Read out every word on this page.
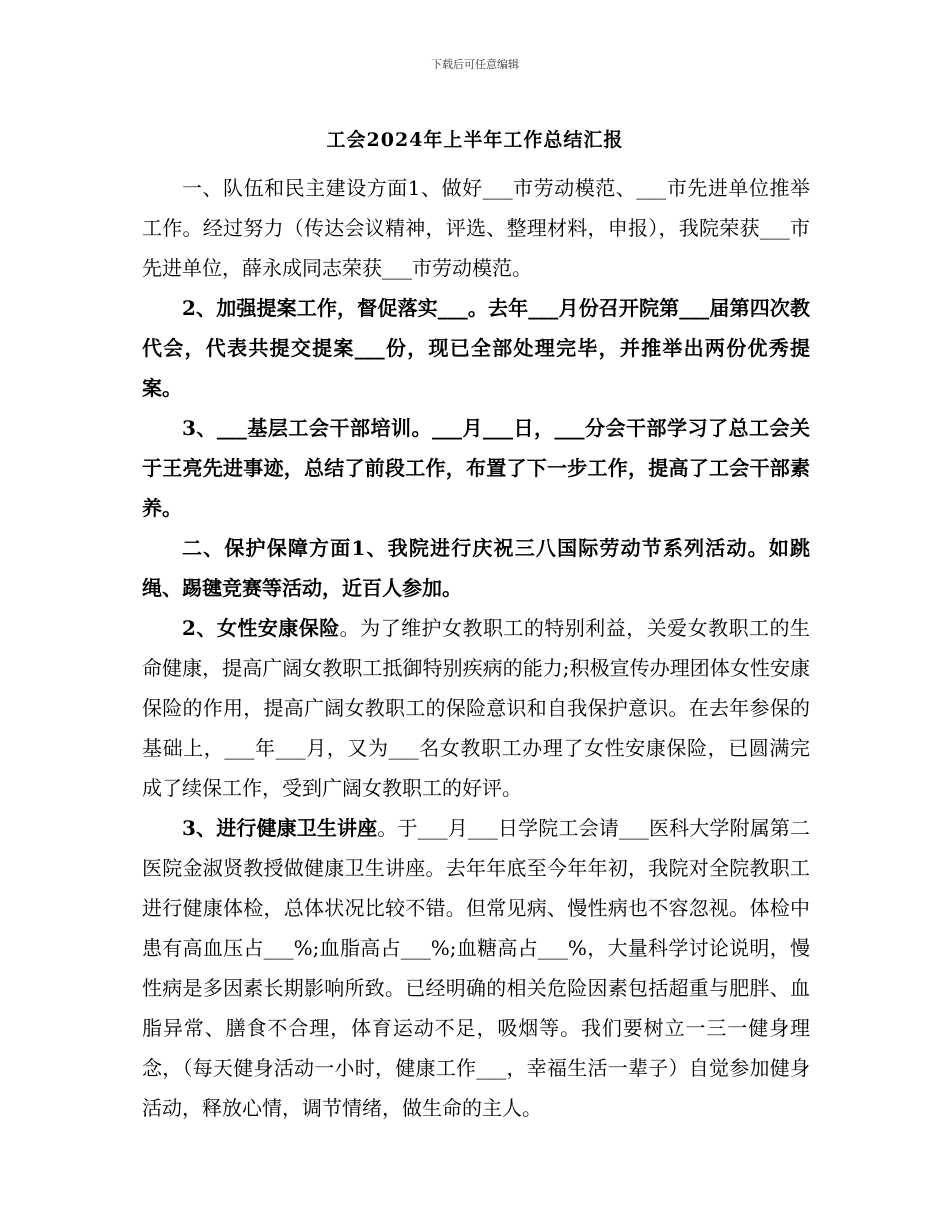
下载后可任意编辑
工会2024年上半年工作总结汇报

一、队伍和民主建设方面1、做好___市劳动模范、___市先进单位推举工作。经过努力（传达会议精神，评选、整理材料，申报），我院荣获___市先进单位，薛永成同志荣获___市劳动模范。

2、加强提案工作，督促落实___。去年___月份召开院第___届第四次教代会，代表共提交提案___份，现已全部处理完毕，并推举出两份优秀提案。

3、___基层工会干部培训。___月___日，___分会干部学习了总工会关于王亮先进事迹，总结了前段工作，布置了下一步工作，提高了工会干部素养。

二、保护保障方面1、我院进行庆祝三八国际劳动节系列活动。如跳绳、踢毽竞赛等活动，近百人参加。

2、女性安康保险。为了维护女教职工的特别利益，关爱女教职工的生命健康，提高广阔女教职工抵御特别疾病的能力;积极宣传办理团体女性安康保险的作用，提高广阔女教职工的保险意识和自我保护意识。在去年参保的基础上，___年___月，又为___名女教职工办理了女性安康保险，已圆满完成了续保工作，受到广阔女教职工的好评。

3、进行健康卫生讲座。于___月___日学院工会请___医科大学附属第二医院金淑贤教授做健康卫生讲座。去年年底至今年年初，我院对全院教职工进行健康体检，总体状况比较不错。但常见病、慢性病也不容忽视。体检中患有高血压占___%;血脂高占___%;血糖高占___%，大量科学讨论说明，慢性病是多因素长期影响所致。已经明确的相关危险因素包括超重与肥胖、血脂异常、膳食不合理，体育运动不足，吸烟等。我们要树立一三一健身理念，（每天健身活动一小时，健康工作___，幸福生活一辈子）自觉参加健身活动，释放心情，调节情绪，做生命的主人。
